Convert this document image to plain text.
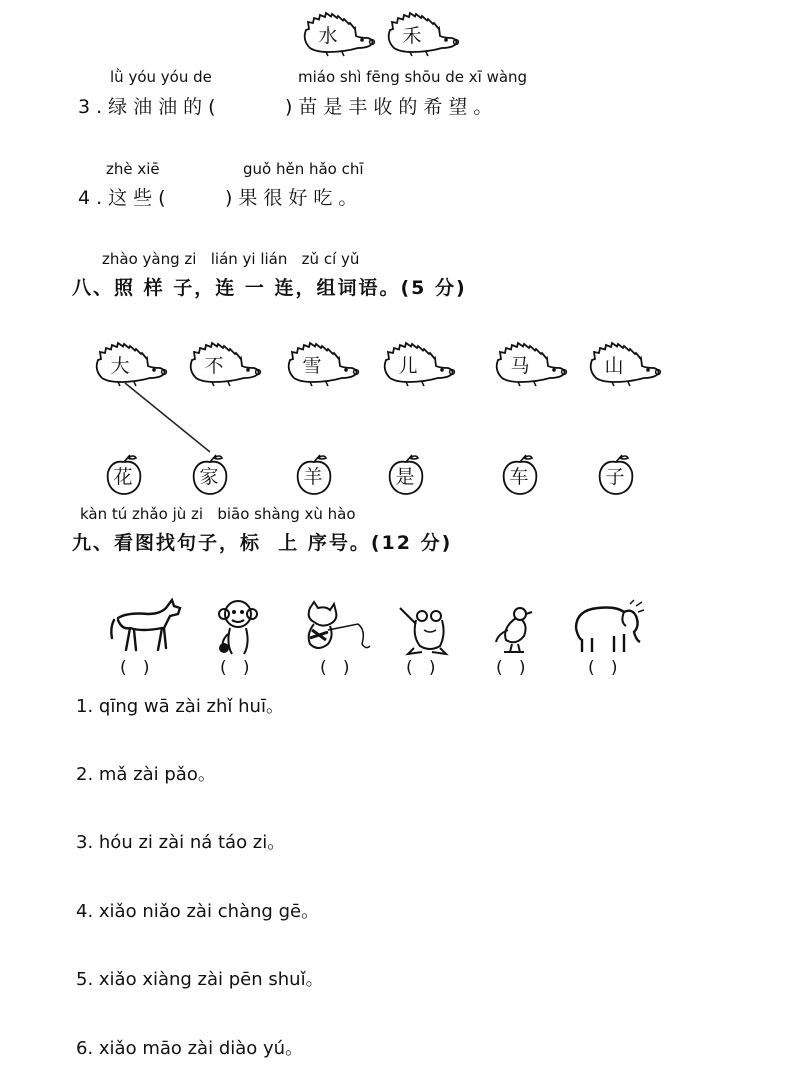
水	禾
lǜ yóu yóu de	miáo shì fēng shōu de xī wàng
3.绿油油的(	)苗是丰收的希望。
zhè xiē	guǒ hěn hǎo chī
4.这些(	)果很好吃。
zhào yàng zi   lián yi lián   zǔ cí yǔ
八、照 样 子，连 一 连，组词语。(5 分)
大	不	雪	儿	马	山
花	家	羊	是	车	子
kàn tú zhǎo jù zi   biāo shàng xù hào
九、看图找句子，标  上 序号。(12 分)
(   )	(   )	(   )	(   )	(   )	(   )
1. qīng wā zài zhǐ huī。
2. mǎ zài pǎo。
3. hóu zi zài ná táo zi。
4. xiǎo niǎo zài chàng gē。
5. xiǎo xiàng zài pēn shuǐ。
6. xiǎo māo zài diào yú。
